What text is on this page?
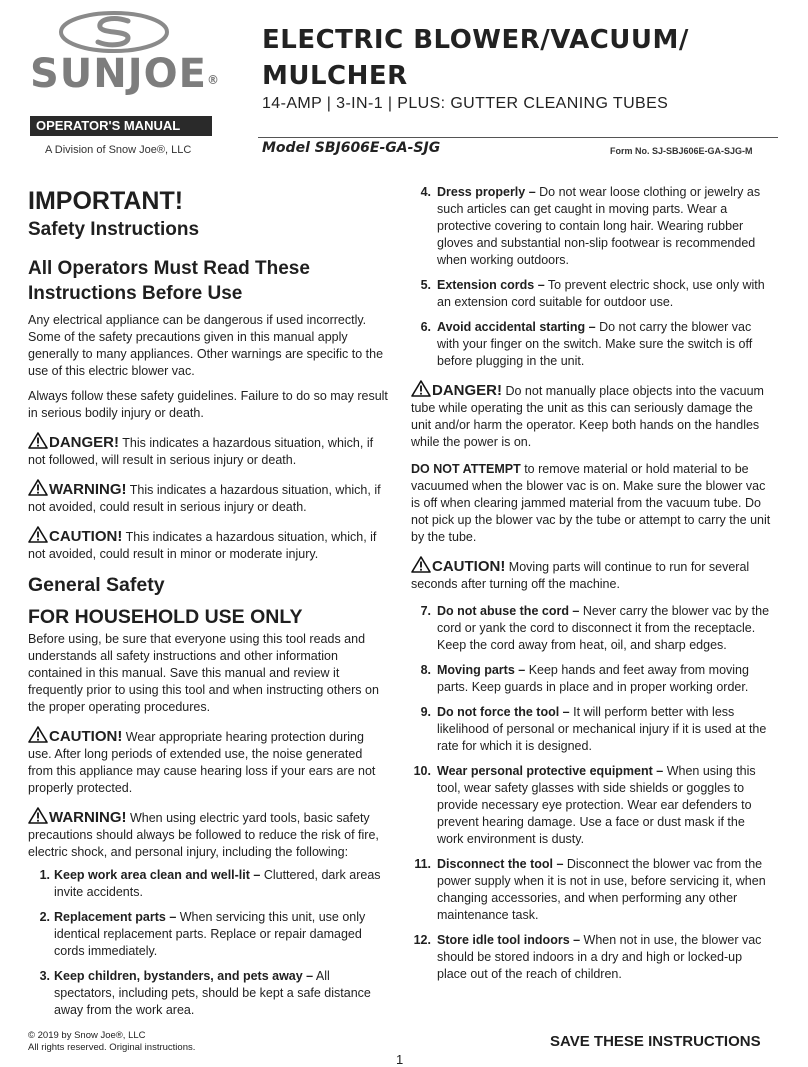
SUNJOE®
OPERATOR'S MANUAL
A Division of Snow Joe®, LLC
ELECTRIC BLOWER/VACUUM/
MULCHER
14-AMP | 3-IN-1 | PLUS: GUTTER CLEANING TUBES
Model SBJ606E-GA-SJG	Form No. SJ-SBJ606E-GA-SJG-M
IMPORTANT!
Safety Instructions
All Operators Must Read These Instructions Before Use

Any electrical appliance can be dangerous if used incorrectly. Some of the safety precautions given in this manual apply generally to many appliances. Other warnings are specific to the use of this electric blower vac.

Always follow these safety guidelines. Failure to do so may result in serious bodily injury or death.

DANGER! This indicates a hazardous situation, which, if not followed, will result in serious injury or death.

WARNING! This indicates a hazardous situation, which, if not avoided, could result in serious injury or death.

CAUTION! This indicates a hazardous situation, which, if not avoided, could result in minor or moderate injury.

General Safety
FOR HOUSEHOLD USE ONLY

Before using, be sure that everyone using this tool reads and understands all safety instructions and other information contained in this manual. Save this manual and review it frequently prior to using this tool and when instructing others on the proper operating procedures.

CAUTION! Wear appropriate hearing protection during use. After long periods of extended use, the noise generated from this appliance may cause hearing loss if your ears are not properly protected.

WARNING! When using electric yard tools, basic safety precautions should always be followed to reduce the risk of fire, electric shock, and personal injury, including the following:

1. Keep work area clean and well-lit – Cluttered, dark areas invite accidents.
2. Replacement parts – When servicing this unit, use only identical replacement parts. Replace or repair damaged cords immediately.
3. Keep children, bystanders, and pets away – All spectators, including pets, should be kept a safe distance away from the work area.
4. Dress properly – Do not wear loose clothing or jewelry as such articles can get caught in moving parts. Wear a protective covering to contain long hair. Wearing rubber gloves and substantial non-slip footwear is recommended when working outdoors.
5. Extension cords – To prevent electric shock, use only with an extension cord suitable for outdoor use.
6. Avoid accidental starting – Do not carry the blower vac with your finger on the switch. Make sure the switch is off before plugging in the unit.

DANGER! Do not manually place objects into the vacuum tube while operating the unit as this can seriously damage the unit and/or harm the operator. Keep both hands on the handles while the power is on.

DO NOT ATTEMPT to remove material or hold material to be vacuumed when the blower vac is on. Make sure the blower vac is off when clearing jammed material from the vacuum tube. Do not pick up the blower vac by the tube or attempt to carry the unit by the tube.

CAUTION! Moving parts will continue to run for several seconds after turning off the machine.

7. Do not abuse the cord – Never carry the blower vac by the cord or yank the cord to disconnect it from the receptacle. Keep the cord away from heat, oil, and sharp edges.
8. Moving parts – Keep hands and feet away from moving parts. Keep guards in place and in proper working order.
9. Do not force the tool – It will perform better with less likelihood of personal or mechanical injury if it is used at the rate for which it is designed.
10. Wear personal protective equipment – When using this tool, wear safety glasses with side shields or goggles to provide necessary eye protection. Wear ear defenders to prevent hearing damage. Use a face or dust mask if the work environment is dusty.
11. Disconnect the tool – Disconnect the blower vac from the power supply when it is not in use, before servicing it, when changing accessories, and when performing any other maintenance task.
12. Store idle tool indoors – When not in use, the blower vac should be stored indoors in a dry and high or locked-up place out of the reach of children.
© 2019 by Snow Joe®, LLC
All rights reserved. Original instructions.	SAVE THESE INSTRUCTIONS
1
